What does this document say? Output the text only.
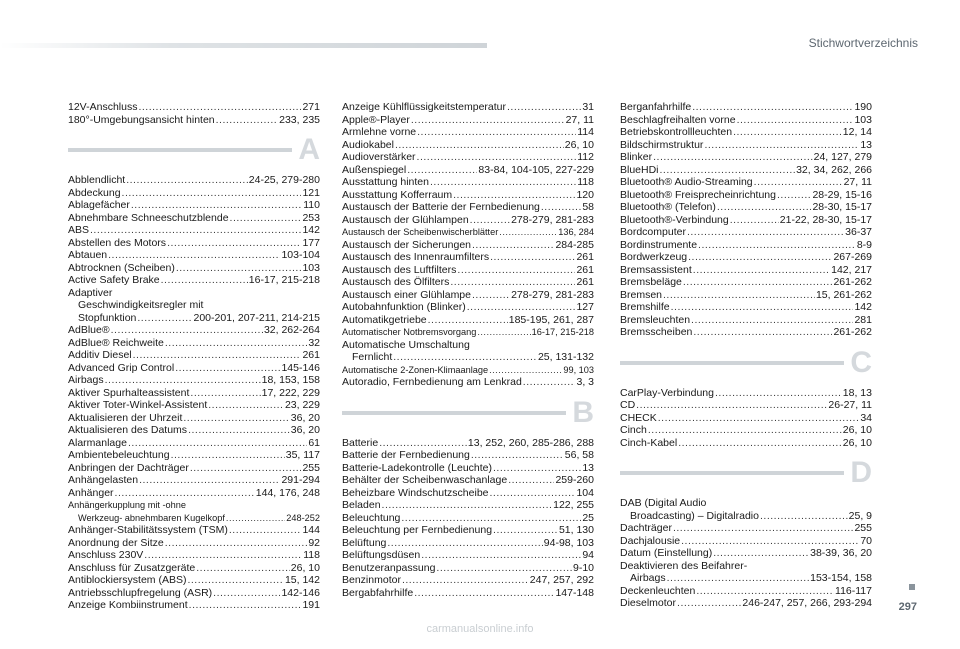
Stichwortverzeichnis
12V-Anschluss .....	271
180°-Umgebungsansicht hinten .....	233, 235
A
Abblendlicht .....	24-25, 279-280
Abdeckung .....	121
Ablagefächer .....	110
Abnehmbare Schneeschutzblende .....	253
ABS .....	142
Abstellen des Motors .....	177
Abtauen .....	103-104
Abtrocknen (Scheiben) .....	103
Active Safety Brake .....	16-17, 215-218
Adaptiver
Geschwindigkeitsregler mit
Stopfunktion .....	200-201, 207-211, 214-215
AdBlue® .....	32, 262-264
AdBlue® Reichweite .....	32
Additiv Diesel .....	261
Advanced Grip Control .....	145-146
Airbags .....	18, 153, 158
Aktiver Spurhalteassistent .....	17, 222, 229
Aktiver Toter-Winkel-Assistent .....	23, 229
Aktualisieren der Uhrzeit .....	36, 20
Aktualisieren des Datums .....	36, 20
Alarmanlage .....	61
Ambientebeleuchtung .....	35, 117
Anbringen der Dachträger .....	255
Anhängelasten .....	291-294
Anhänger .....	144, 176, 248
Anhängerkupplung mit -ohne
Werkzeug- abnehmbaren Kugelkopf .....	248-252
Anhänger-Stabilitätssystem (TSM) .....	144
Anordnung der Sitze .....	92
Anschluss 230V .....	118
Anschluss für Zusatzgeräte .....	26, 10
Antiblockiersystem (ABS) .....	15, 142
Antriebsschlupfregelung (ASR) .....	142-146
Anzeige Kombiinstrument .....	191
Anzeige Kühlflüssigkeitstemperatur .....	31
Apple®-Player .....	27, 11
Armlehne vorne .....	114
Audiokabel .....	26, 10
Audioverstärker .....	112
Außenspiegel .....	83-84, 104-105, 227-229
Ausstattung hinten .....	118
Ausstattung Kofferraum .....	120
Austausch der Batterie der Fernbedienung .....	58
Austausch der Glühlampen .....	278-279, 281-283
Austausch der Scheibenwischerblätter .....	136, 284
Austausch der Sicherungen .....	284-285
Austausch des Innenraumfilters .....	261
Austausch des Luftfilters .....	261
Austausch des Ölfilters .....	261
Austausch einer Glühlampe .....	278-279, 281-283
Autobahnfunktion (Blinker) .....	127
Automatikgetriebe .....	185-195, 261, 287
Automatischer Notbremsvorgang .....	16-17, 215-218
Automatische Umschaltung
Fernlicht .....	25, 131-132
Automatische 2-Zonen-Klimaanlage .....	99, 103
Autoradio, Fernbedienung am Lenkrad .....	3, 3
B
Batterie .....	13, 252, 260, 285-286, 288
Batterie der Fernbedienung .....	56, 58
Batterie-Ladekontrolle (Leuchte) .....	13
Behälter der Scheibenwaschanlage .....	259-260
Beheizbare Windschutzscheibe .....	104
Beladen .....	122, 255
Beleuchtung .....	25
Beleuchtung per Fernbedienung .....	51, 130
Belüftung .....	94-98, 103
Belüftungsdüsen .....	94
Benutzeranpassung .....	9-10
Benzinmotor .....	247, 257, 292
Bergabfahrhilfe .....	147-148
Berganfahrhilfe .....	190
Beschlagfreihalten vorne .....	103
Betriebskontrollleuchten .....	12, 14
Bildschirmstruktur .....	13
Blinker .....	24, 127, 279
BlueHDi .....	32, 34, 262, 266
Bluetooth® Audio-Streaming .....	27, 11
Bluetooth® Freisprecheinrichtung .....	28-29, 15-16
Bluetooth® (Telefon) .....	28-30, 15-17
Bluetooth®-Verbindung .....	21-22, 28-30, 15-17
Bordcomputer .....	36-37
Bordinstrumente .....	8-9
Bordwerkzeug .....	267-269
Bremsassistent .....	142, 217
Bremsbeläge .....	261-262
Bremsen .....	15, 261-262
Bremshilfe .....	142
Bremsleuchten .....	281
Bremsscheiben .....	261-262
C
CarPlay-Verbindung .....	18, 13
CD .....	26-27, 11
CHECK .....	34
Cinch .....	26, 10
Cinch-Kabel .....	26, 10
D
DAB (Digital Audio
Broadcasting) – Digitalradio .....	25, 9
Dachträger .....	255
Dachjalousie .....	70
Datum (Einstellung) .....	38-39, 36, 20
Deaktivieren des Beifahrer-
Airbags .....	153-154, 158
Deckenleuchten .....	116-117
Dieselmotor .....	246-247, 257, 266, 293-294 297
carmanualsonline.info
